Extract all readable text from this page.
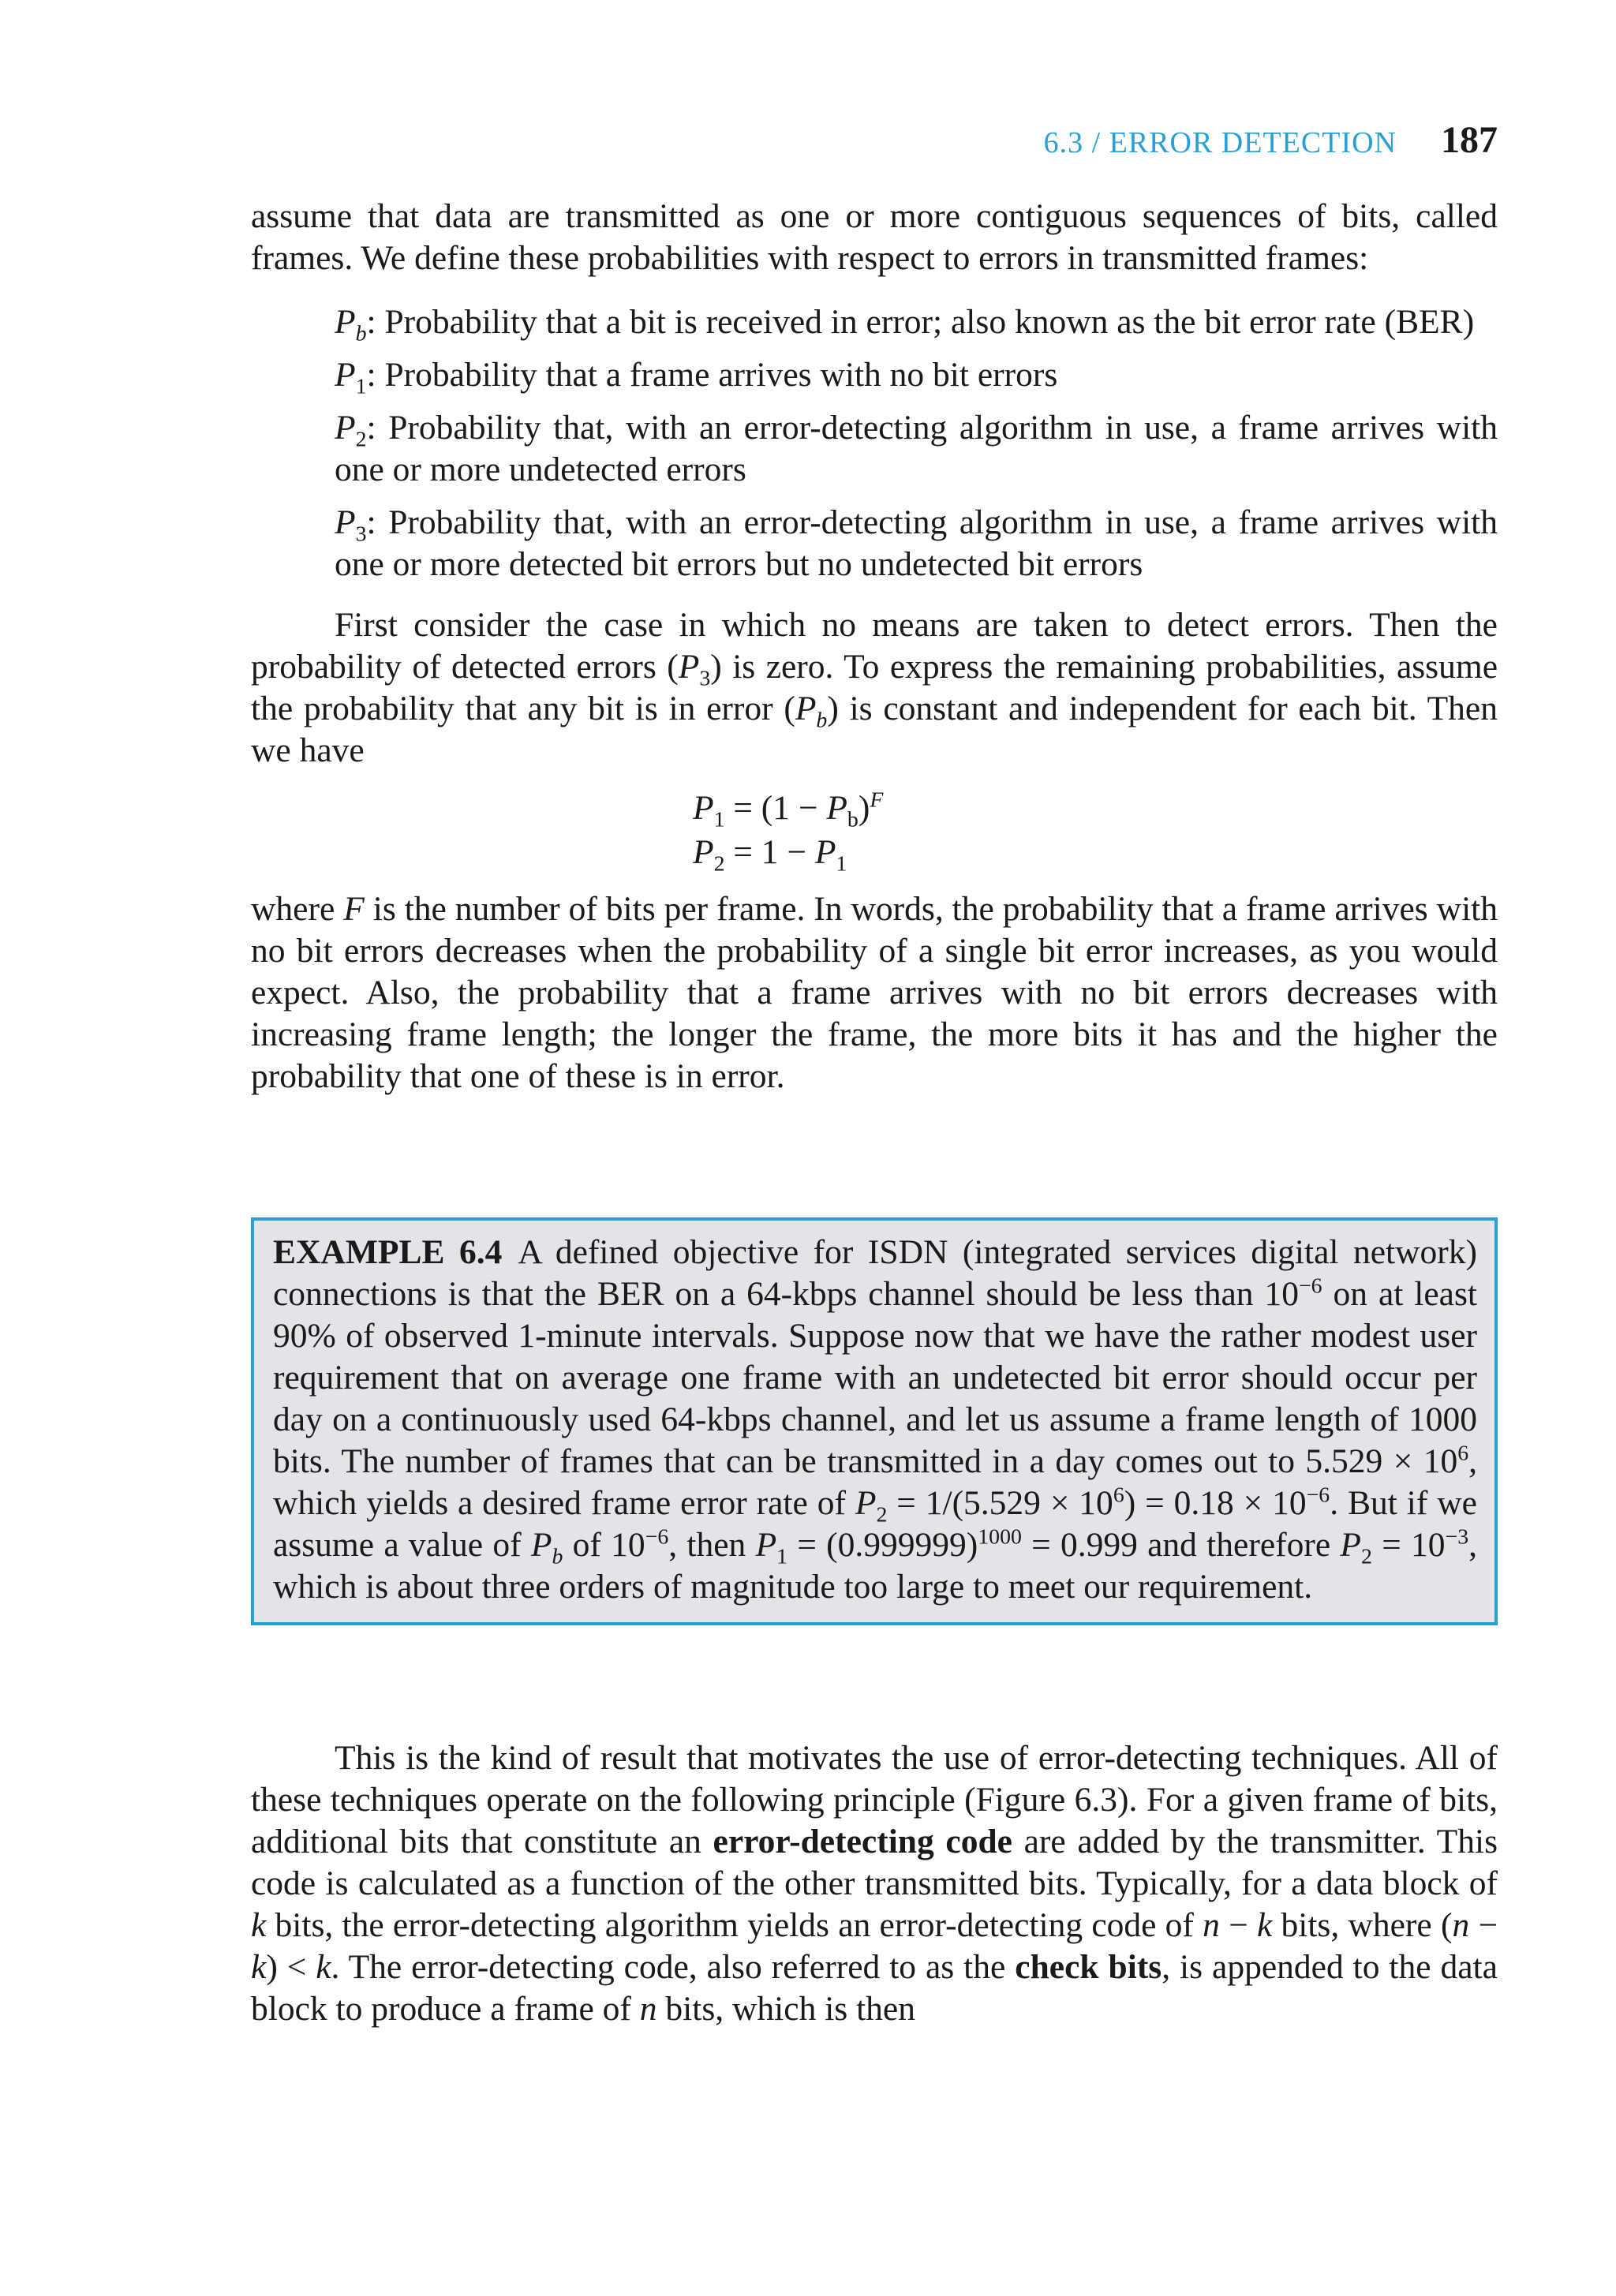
6.3 / ERROR DETECTION 187

assume that data are transmitted as one or more contiguous sequences of bits, called frames. We define these probabilities with respect to errors in transmitted frames:

$P_b$: Probability that a bit is received in error; also known as the bit error rate (BER)

$P_1$: Probability that a frame arrives with no bit errors

$P_2$: Probability that, with an error-detecting algorithm in use, a frame arrives with one or more undetected errors

$P_3$: Probability that, with an error-detecting algorithm in use, a frame arrives with one or more detected bit errors but no undetected bit errors

First consider the case in which no means are taken to detect errors. Then the probability of detected errors $(P_3)$ is zero. To express the remaining probabilities, assume the probability that any bit is in error $(P_b)$ is constant and independent for each bit. Then we have

$P_1 = (1 - P_b)^F$
$P_2 = 1 - P_1$

where F is the number of bits per frame. In words, the probability that a frame arrives with no bit errors decreases when the probability of a single bit error increases, as you would expect. Also, the probability that a frame arrives with no bit errors decreases with increasing frame length; the longer the frame, the more bits it has and the higher the probability that one of these is in error.

EXAMPLE 6.4 A defined objective for ISDN (integrated services digital network) connections is that the BER on a 64-kbps channel should be less than $10^{-6}$ on at least 90% of observed 1-minute intervals. Suppose now that we have the rather modest user requirement that on average one frame with an undetected bit error should occur per day on a continuously used 64-kbps channel, and let us assume a frame length of 1000 bits. The number of frames that can be transmitted in a day comes out to $5.529 \times 10^6$, which yields a desired frame error rate of $P_2 = 1/(5.529 \times 10^6) = 0.18 \times 10^{-6}$. But if we assume a value of $P_b$ of $10^{-6}$, then $P_1 = (0.999999)^{1000} = 0.999$ and therefore $P_2 = 10^{-3}$, which is about three orders of magnitude too large to meet our requirement.

This is the kind of result that motivates the use of error-detecting techniques. All of these techniques operate on the following principle (Figure 6.3). For a given frame of bits, additional bits that constitute an error-detecting code are added by the transmitter. This code is calculated as a function of the other transmitted bits. Typically, for a data block of k bits, the error-detecting algorithm yields an error-detecting code of n − k bits, where (n − k) < k. The error-detecting code, also referred to as the check bits, is appended to the data block to produce a frame of n bits, which is then
